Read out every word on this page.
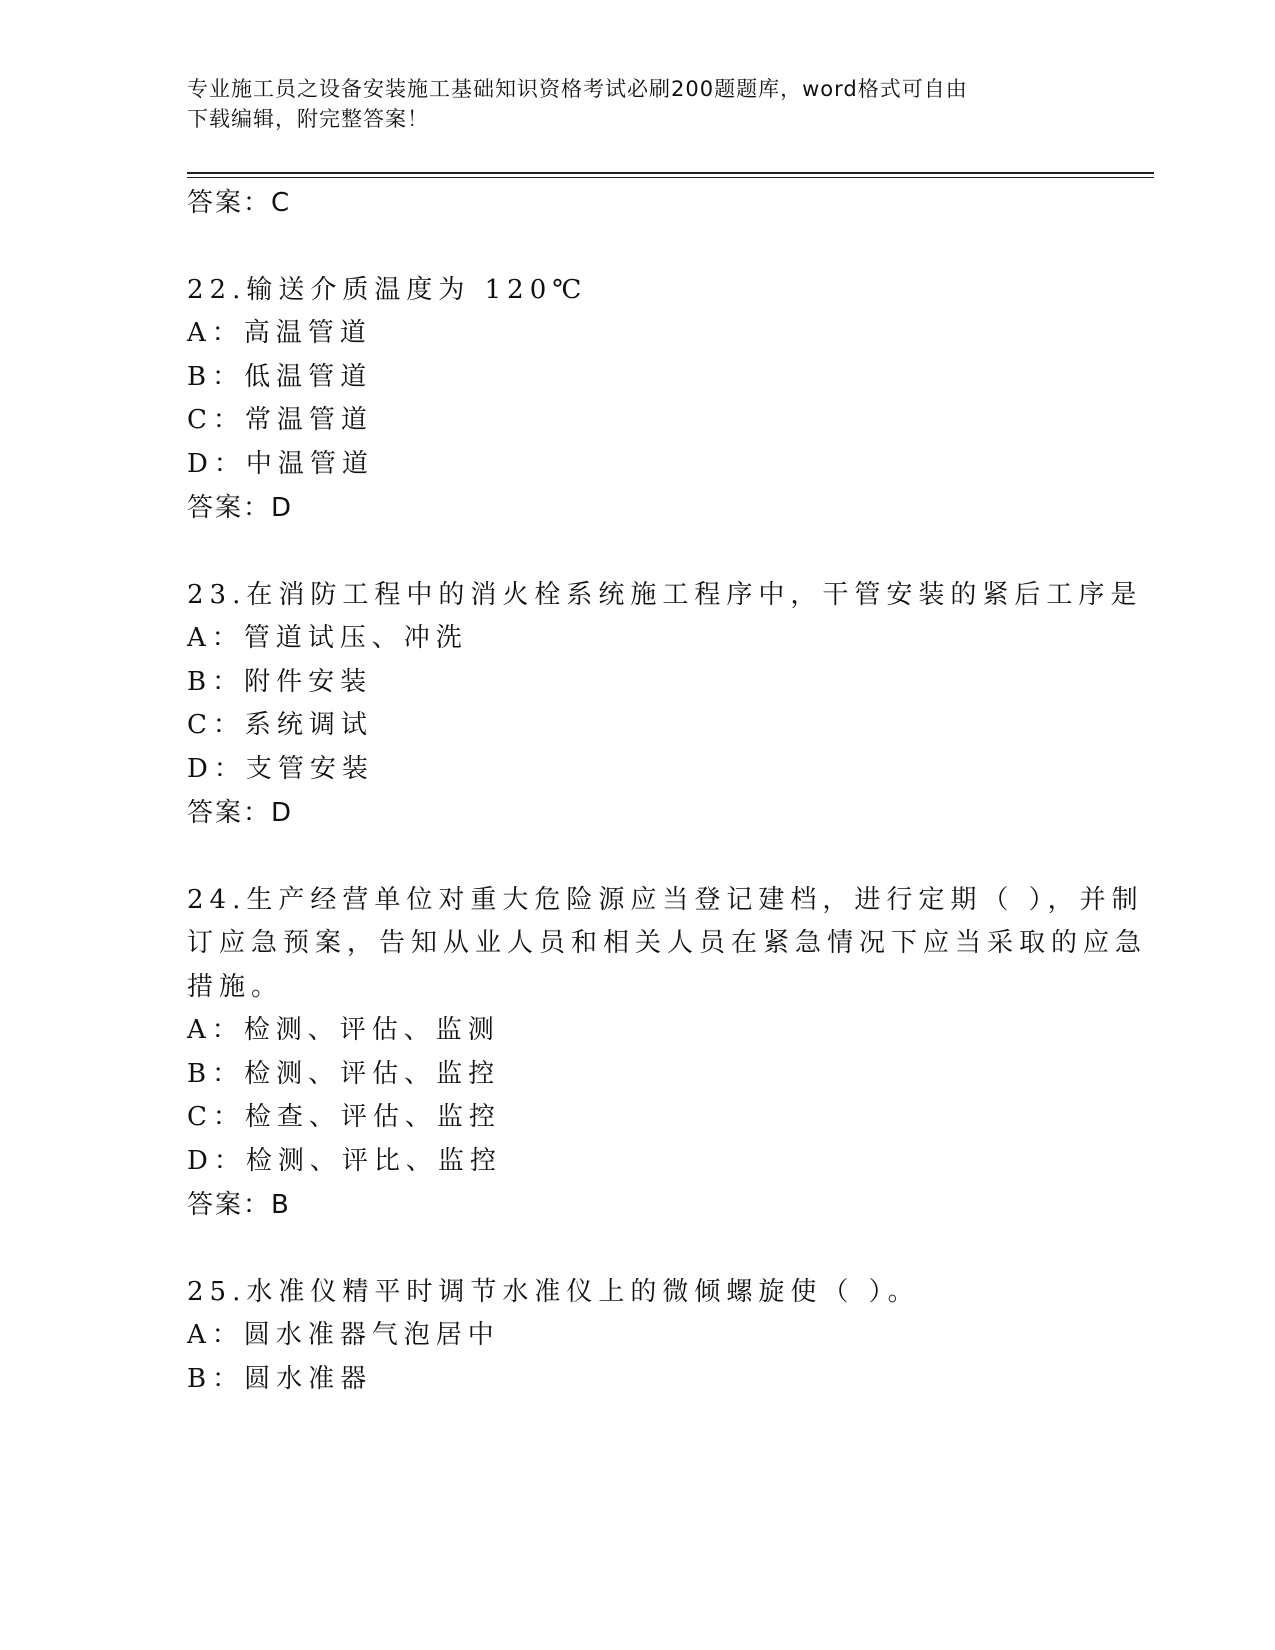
专业施工员之设备安装施工基础知识资格考试必刷200题题库，word格式可自由
下载编辑，附完整答案！
答案：C
22.输送介质温度为 120℃
A：高温管道
B：低温管道
C：常温管道
D：中温管道
答案：D
23.在消防工程中的消火栓系统施工程序中，干管安装的紧后工序是
A：管道试压、冲洗
B：附件安装
C：系统调试
D：支管安装
答案：D
24.生产经营单位对重大危险源应当登记建档，进行定期（ ），并制
订应急预案，告知从业人员和相关人员在紧急情况下应当采取的应急
措施。
A：检测、评估、监测
B：检测、评估、监控
C：检查、评估、监控
D：检测、评比、监控
答案：B
25.水准仪精平时调节水准仪上的微倾螺旋使（ ）。
A：圆水准器气泡居中
B：圆水准器
